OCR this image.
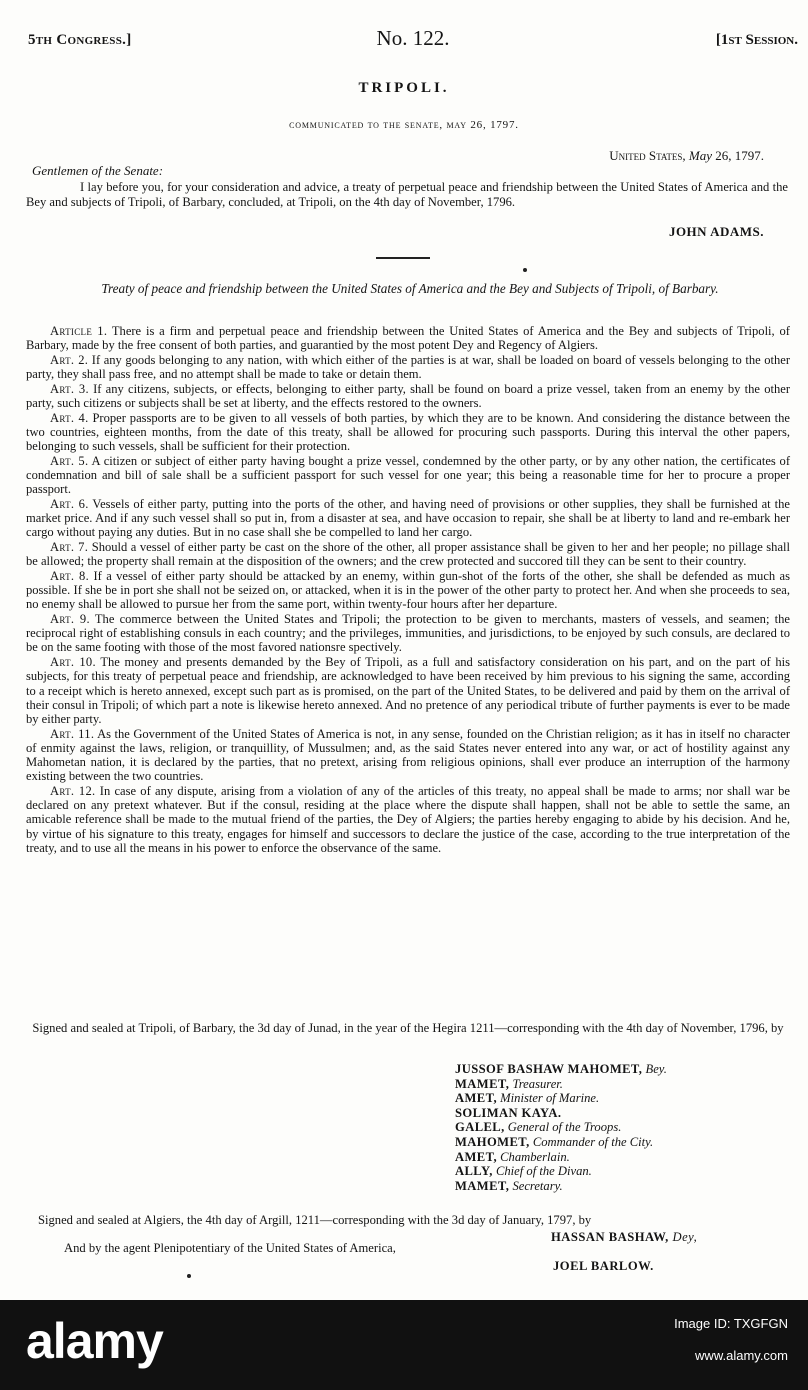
5th Congress.]	No. 122.	[1st Session.
TRIPOLI.
communicated to the senate, may 26, 1797.
United States, May 26, 1797.
Gentlemen of the Senate:

I lay before you, for your consideration and advice, a treaty of perpetual peace and friendship between the United States of America and the Bey and subjects of Tripoli, of Barbary, concluded, at Tripoli, on the 4th day of November, 1796.

JOHN ADAMS.

Treaty of peace and friendship between the United States of America and the Bey and Subjects of Tripoli, of Barbary.

Article 1. There is a firm and perpetual peace and friendship between the United States of America and the Bey and subjects of Tripoli, of Barbary, made by the free consent of both parties, and guarantied by the most potent Dey and Regency of Algiers.

Art. 2. If any goods belonging to any nation, with which either of the parties is at war, shall be loaded on board of vessels belonging to the other party, they shall pass free, and no attempt shall be made to take or detain them.

Art. 3. If any citizens, subjects, or effects, belonging to either party, shall be found on board a prize vessel, taken from an enemy by the other party, such citizens or subjects shall be set at liberty, and the effects restored to the owners.

Art. 4. Proper passports are to be given to all vessels of both parties, by which they are to be known. And considering the distance between the two countries, eighteen months, from the date of this treaty, shall be allowed for procuring such passports. During this interval the other papers, belonging to such vessels, shall be sufficient for their protection.

Art. 5. A citizen or subject of either party having bought a prize vessel, condemned by the other party, or by any other nation, the certificates of condemnation and bill of sale shall be a sufficient passport for such vessel for one year; this being a reasonable time for her to procure a proper passport.

Art. 6. Vessels of either party, putting into the ports of the other, and having need of provisions or other supplies, they shall be furnished at the market price. And if any such vessel shall so put in, from a disaster at sea, and have occasion to repair, she shall be at liberty to land and re-embark her cargo without paying any duties. But in no case shall she be compelled to land her cargo.

Art. 7. Should a vessel of either party be cast on the shore of the other, all proper assistance shall be given to her and her people; no pillage shall be allowed; the property shall remain at the disposition of the owners; and the crew protected and succored till they can be sent to their country.

Art. 8. If a vessel of either party should be attacked by an enemy, within gun-shot of the forts of the other, she shall be defended as much as possible. If she be in port she shall not be seized on, or attacked, when it is in the power of the other party to protect her. And when she proceeds to sea, no enemy shall be allowed to pursue her from the same port, within twenty-four hours after her departure.

Art. 9. The commerce between the United States and Tripoli; the protection to be given to merchants, masters of vessels, and seamen; the reciprocal right of establishing consuls in each country; and the privileges, immunities, and jurisdictions, to be enjoyed by such consuls, are declared to be on the same footing with those of the most favored nationsre spectively.

Art. 10. The money and presents demanded by the Bey of Tripoli, as a full and satisfactory consideration on his part, and on the part of his subjects, for this treaty of perpetual peace and friendship, are acknowledged to have been received by him previous to his signing the same, according to a receipt which is hereto annexed, except such part as is promised, on the part of the United States, to be delivered and paid by them on the arrival of their consul in Tripoli; of which part a note is likewise hereto annexed. And no pretence of any periodical tribute of further payments is ever to be made by either party.

Art. 11. As the Government of the United States of America is not, in any sense, founded on the Christian religion; as it has in itself no character of enmity against the laws, religion, or tranquillity, of Mussulmen; and, as the said States never entered into any war, or act of hostility against any Mahometan nation, it is declared by the parties, that no pretext, arising from religious opinions, shall ever produce an interruption of the harmony existing between the two countries.

Art. 12. In case of any dispute, arising from a violation of any of the articles of this treaty, no appeal shall be made to arms; nor shall war be declared on any pretext whatever. But if the consul, residing at the place where the dispute shall happen, shall not be able to settle the same, an amicable reference shall be made to the mutual friend of the parties, the Dey of Algiers; the parties hereby engaging to abide by his decision. And he, by virtue of his signature to this treaty, engages for himself and successors to declare the justice of the case, according to the true interpretation of the treaty, and to use all the means in his power to enforce the observance of the same.

Signed and sealed at Tripoli, of Barbary, the 3d day of Junad, in the year of the Hegira 1211—corresponding with the 4th day of November, 1796, by

JUSSOF BASHAW MAHOMET, Bey.
MAMET, Treasurer.
AMET, Minister of Marine.
SOLIMAN KAYA.
GALEL, General of the Troops.
MAHOMET, Commander of the City.
AMET, Chamberlain.
ALLY, Chief of the Divan.
MAMET, Secretary.
Signed and sealed at Algiers, the 4th day of Argill, 1211—corresponding with the 3d day of January, 1797, by
HASSAN BASHAW, Dey,
And by the agent Plenipotentiary of the United States of America,
JOEL BARLOW.
alamy	Image ID: TXGFGN
www.alamy.com
